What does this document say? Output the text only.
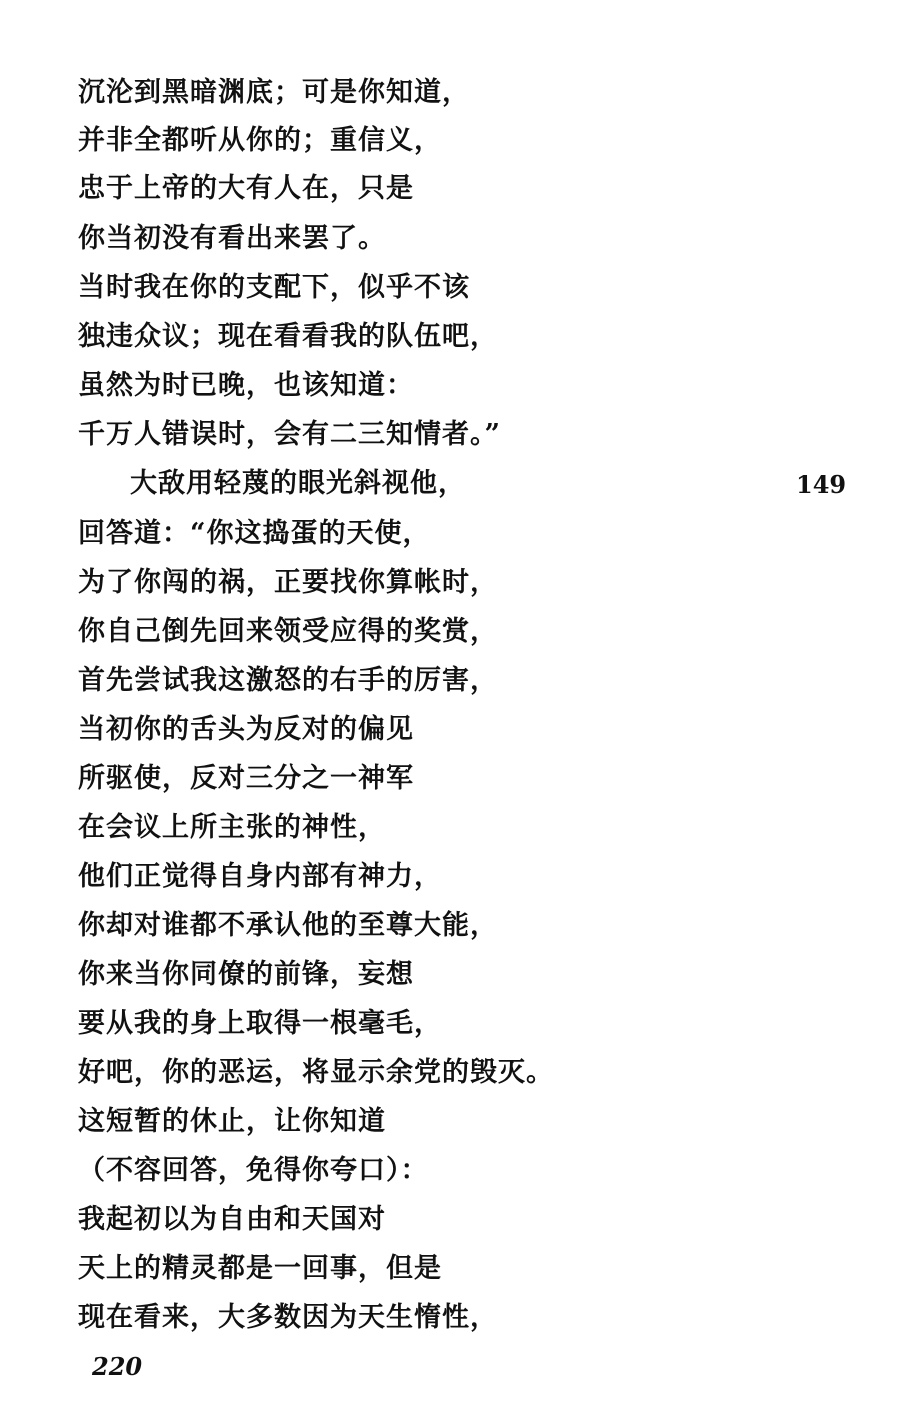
沉沦到黑暗渊底；可是你知道，
并非全都听从你的；重信义，
忠于上帝的大有人在，只是
你当初没有看出来罢了。
当时我在你的支配下，似乎不该
独违众议；现在看看我的队伍吧，
虽然为时已晚，也该知道：
千万人错误时，会有二三知情者。”
大敌用轻蔑的眼光斜视他，
回答道：“你这捣蛋的天使，
为了你闯的祸，正要找你算帐时，
你自己倒先回来领受应得的奖赏，
首先尝试我这激怒的右手的厉害，
当初你的舌头为反对的偏见
所驱使，反对三分之一神军
在会议上所主张的神性，
他们正觉得自身内部有神力，
你却对谁都不承认他的至尊大能，
你来当你同僚的前锋，妄想
要从我的身上取得一根毫毛，
好吧，你的恶运，将显示余党的毁灭。
这短暂的休止，让你知道
（不容回答，免得你夸口）：
我起初以为自由和天国对
天上的精灵都是一回事，但是
现在看来，大多数因为天生惰性，
149
220
